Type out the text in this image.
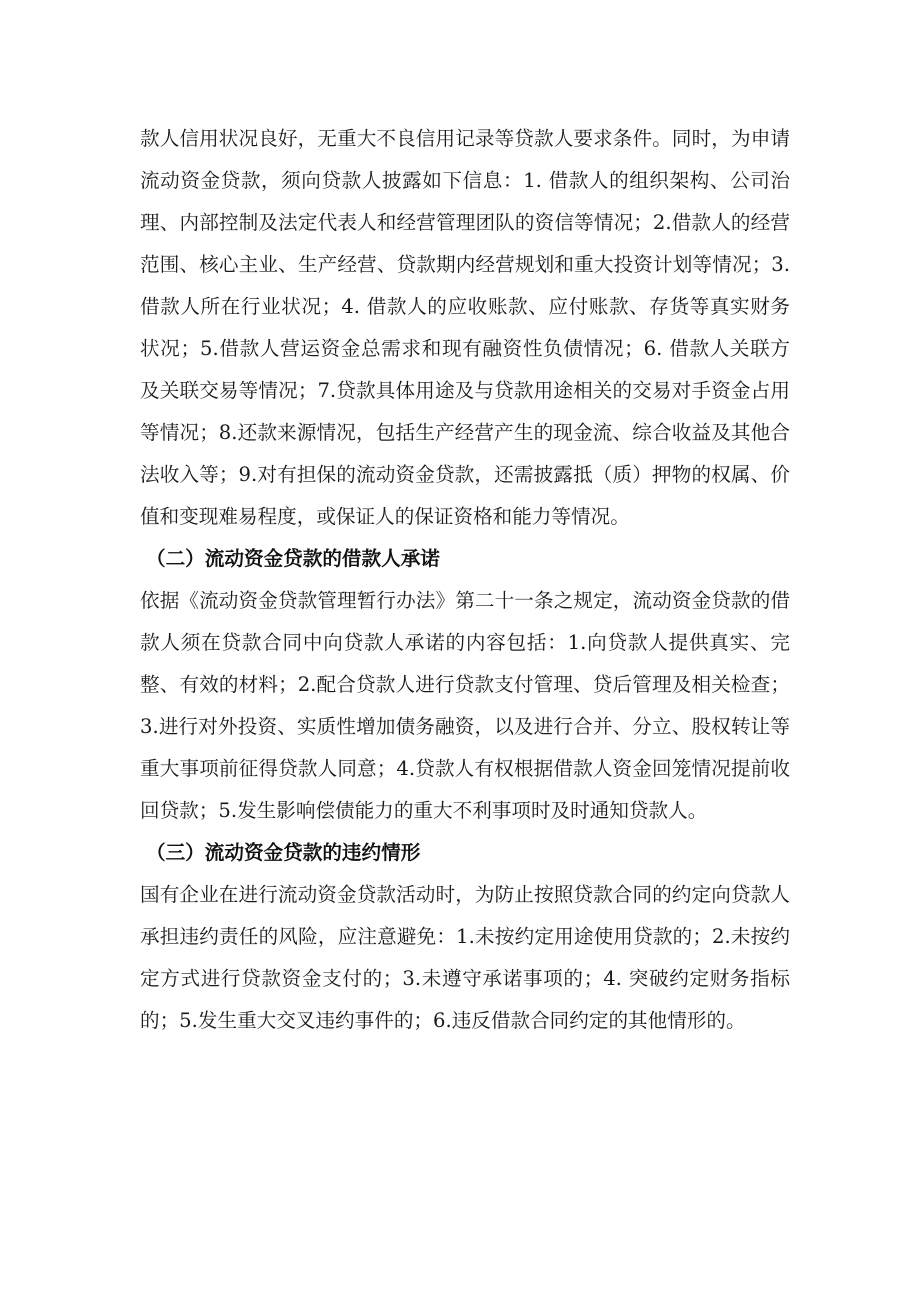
款人信用状况良好，无重大不良信用记录等贷款人要求条件。同时，为申请流动资金贷款，须向贷款人披露如下信息：1. 借款人的组织架构、公司治理、内部控制及法定代表人和经营管理团队的资信等情况；2.借款人的经营范围、核心主业、生产经营、贷款期内经营规划和重大投资计划等情况；3. 借款人所在行业状况；4. 借款人的应收账款、应付账款、存货等真实财务状况；5.借款人营运资金总需求和现有融资性负债情况；6. 借款人关联方及关联交易等情况；7.贷款具体用途及与贷款用途相关的交易对手资金占用等情况；8.还款来源情况，包括生产经营产生的现金流、综合收益及其他合法收入等；9.对有担保的流动资金贷款，还需披露抵（质）押物的权属、价值和变现难易程度，或保证人的保证资格和能力等情况。

（二）流动资金贷款的借款人承诺

依据《流动资金贷款管理暂行办法》第二十一条之规定，流动资金贷款的借款人须在贷款合同中向贷款人承诺的内容包括：1.向贷款人提供真实、完整、有效的材料；2.配合贷款人进行贷款支付管理、贷后管理及相关检查；3.进行对外投资、实质性增加债务融资，以及进行合并、分立、股权转让等重大事项前征得贷款人同意；4.贷款人有权根据借款人资金回笼情况提前收回贷款；5.发生影响偿债能力的重大不利事项时及时通知贷款人。

（三）流动资金贷款的违约情形

国有企业在进行流动资金贷款活动时，为防止按照贷款合同的约定向贷款人承担违约责任的风险，应注意避免：1.未按约定用途使用贷款的；2.未按约定方式进行贷款资金支付的；3.未遵守承诺事项的；4. 突破约定财务指标的；5.发生重大交叉违约事件的；6.违反借款合同约定的其他情形的。
